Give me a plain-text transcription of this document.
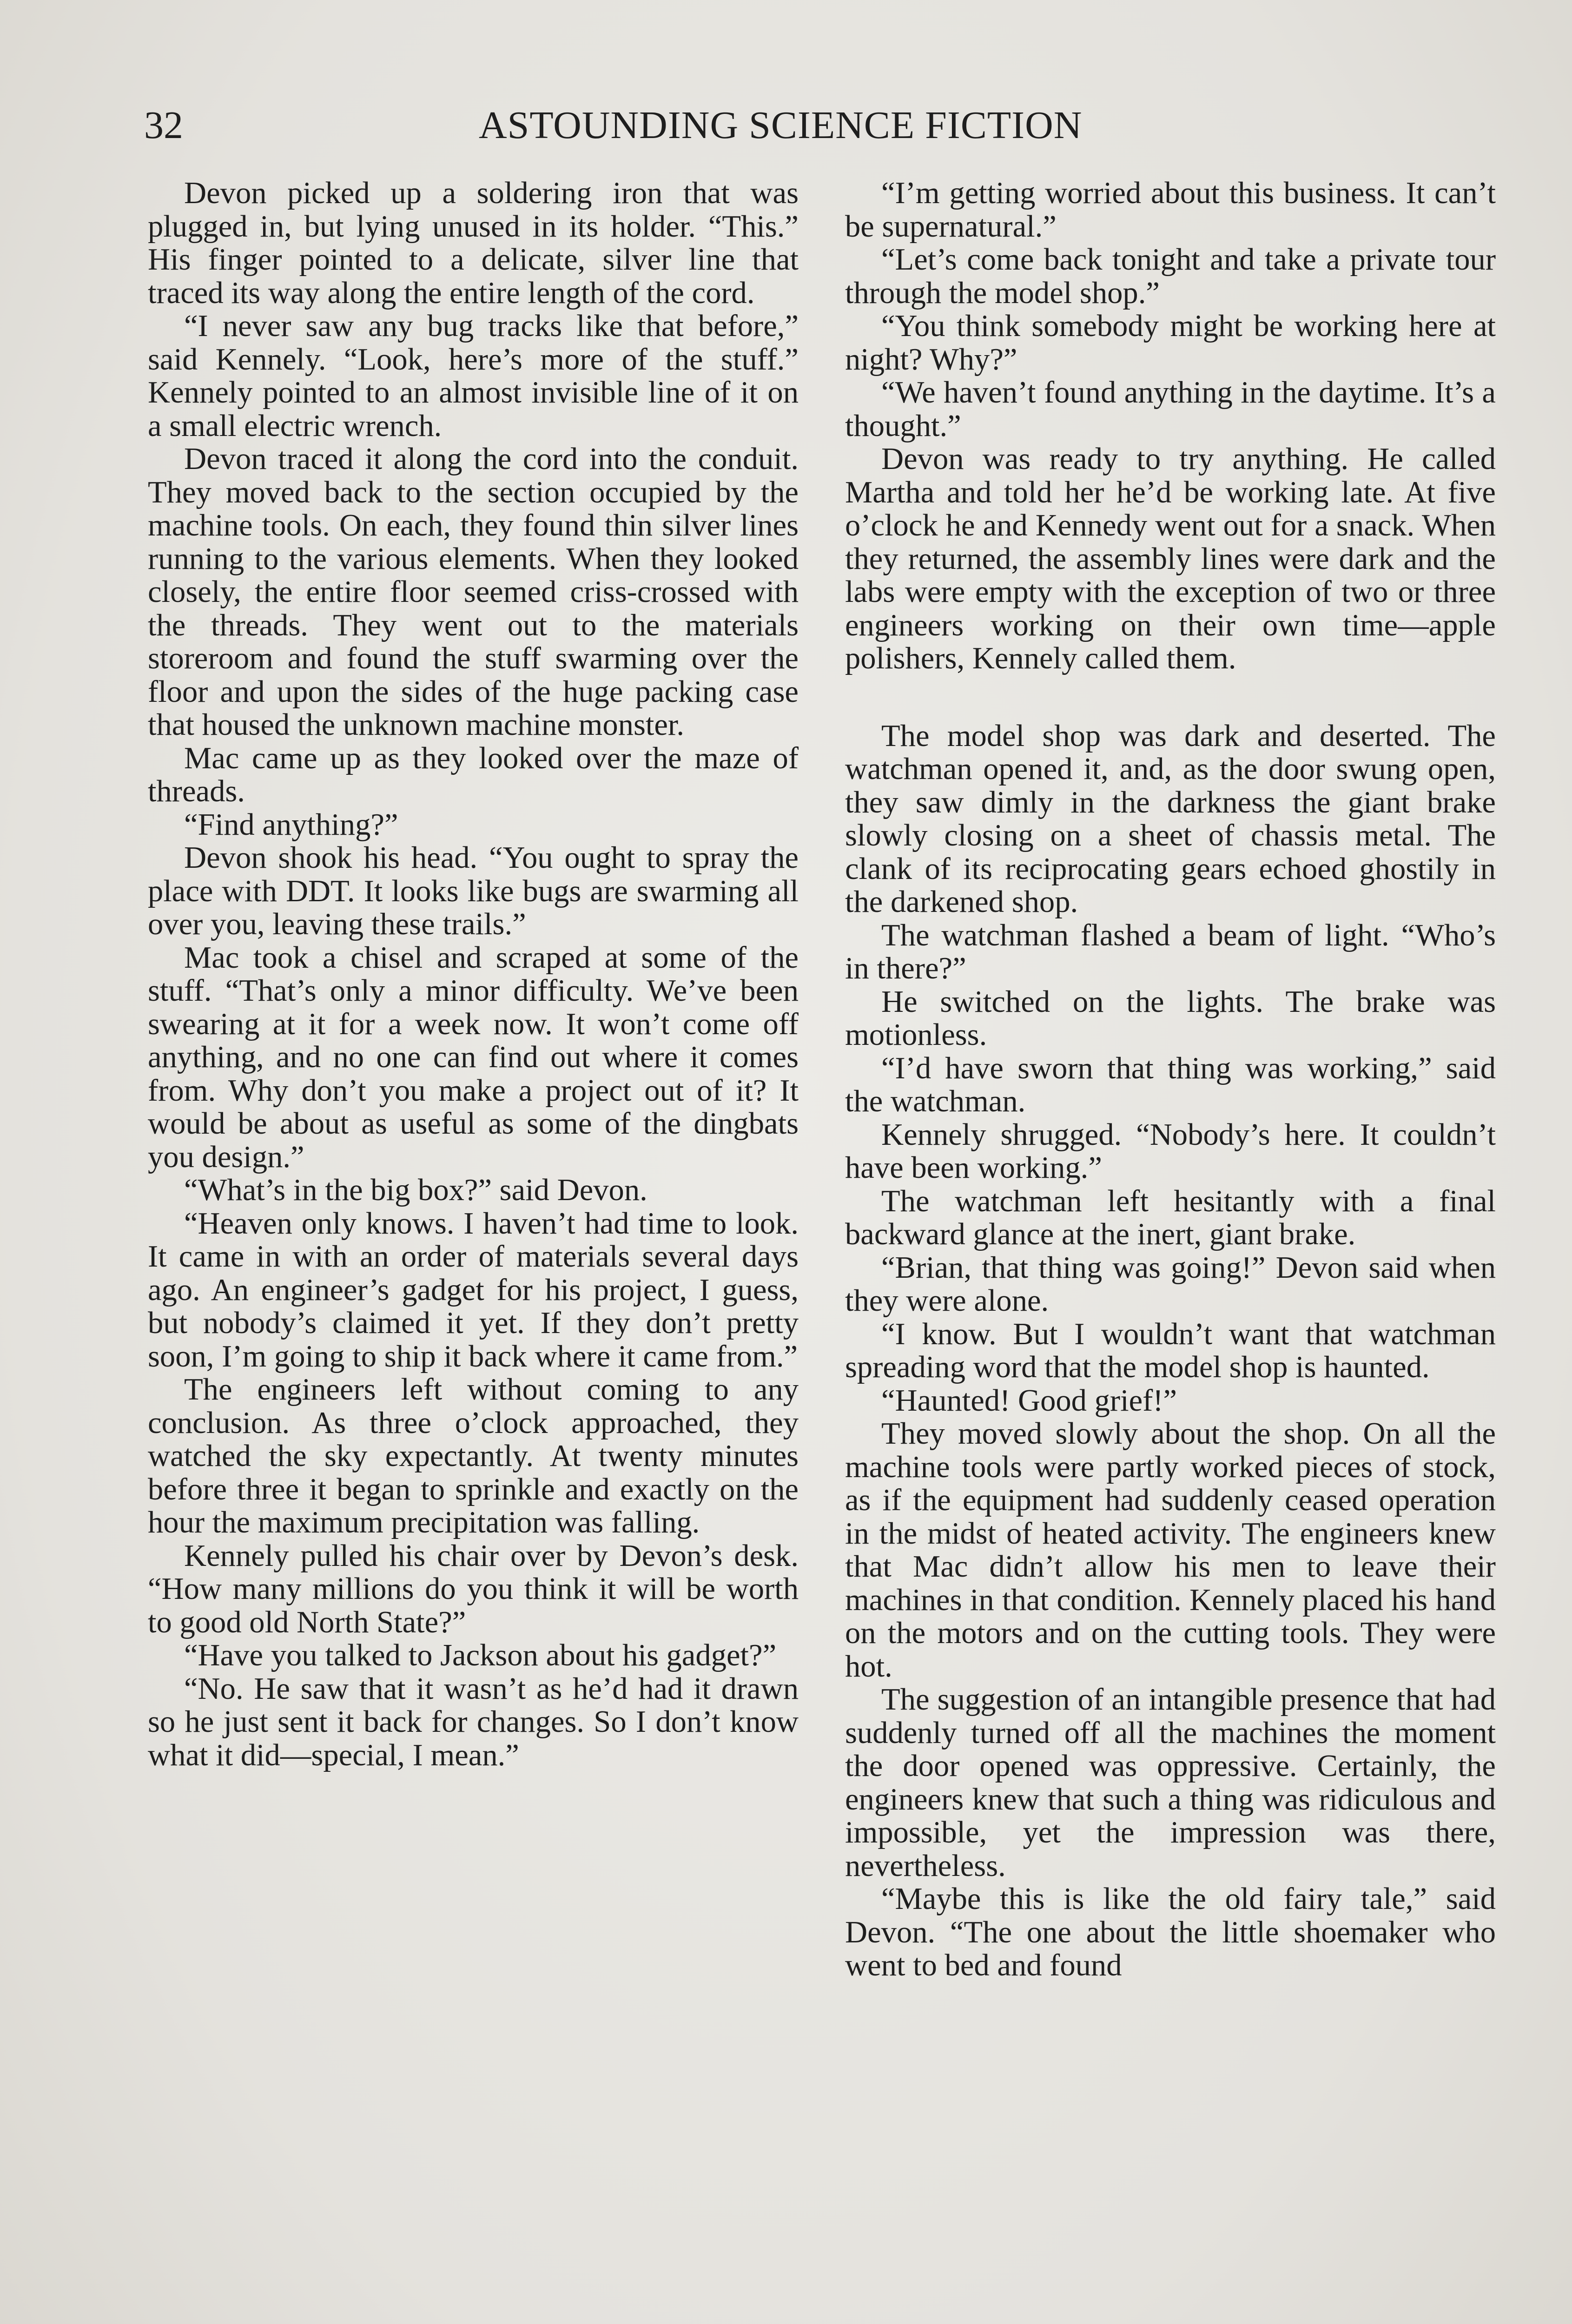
32	ASTOUNDING SCIENCE FICTION

Devon picked up a soldering iron that was plugged in, but lying unused in its holder. “This.” His finger pointed to a delicate, silver line that traced its way along the entire length of the cord.

“I never saw any bug tracks like that before,” said Kennely. “Look, here’s more of the stuff.” Kennely pointed to an almost invisible line of it on a small electric wrench.

Devon traced it along the cord into the conduit. They moved back to the section occupied by the machine tools. On each, they found thin silver lines running to the various elements. When they looked closely, the entire floor seemed criss-crossed with the threads. They went out to the materials storeroom and found the stuff swarming over the floor and upon the sides of the huge packing case that housed the unknown machine monster.

Mac came up as they looked over the maze of threads.

“Find anything?”

Devon shook his head. “You ought to spray the place with DDT. It looks like bugs are swarming all over you, leaving these trails.”

Mac took a chisel and scraped at some of the stuff. “That’s only a minor difficulty. We’ve been swearing at it for a week now. It won’t come off anything, and no one can find out where it comes from. Why don’t you make a project out of it? It would be about as useful as some of the dingbats you design.”

“What’s in the big box?” said Devon.

“Heaven only knows. I haven’t had time to look. It came in with an order of materials several days ago. An engineer’s gadget for his project, I guess, but nobody’s claimed it yet. If they don’t pretty soon, I’m going to ship it back where it came from.”

The engineers left without coming to any conclusion. As three o’clock approached, they watched the sky expectantly. At twenty minutes before three it began to sprinkle and exactly on the hour the maximum precipitation was falling.

Kennely pulled his chair over by Devon’s desk. “How many millions do you think it will be worth to good old North State?”

“Have you talked to Jackson about his gadget?”

“No. He saw that it wasn’t as he’d had it drawn so he just sent it back for changes. So I don’t know what it did—special, I mean.”

“I’m getting worried about this business. It can’t be supernatural.”

“Let’s come back tonight and take a private tour through the model shop.”

“You think somebody might be working here at night? Why?”

“We haven’t found anything in the daytime. It’s a thought.”

Devon was ready to try anything. He called Martha and told her he’d be working late. At five o’clock he and Kennedy went out for a snack. When they returned, the assembly lines were dark and the labs were empty with the exception of two or three engineers working on their own time—apple polishers, Kennely called them.

The model shop was dark and deserted. The watchman opened it, and, as the door swung open, they saw dimly in the darkness the giant brake slowly closing on a sheet of chassis metal. The clank of its reciprocating gears echoed ghostily in the darkened shop.

The watchman flashed a beam of light. “Who’s in there?”

He switched on the lights. The brake was motionless.

“I’d have sworn that thing was working,” said the watchman.

Kennely shrugged. “Nobody’s here. It couldn’t have been working.”

The watchman left hesitantly with a final backward glance at the inert, giant brake.

“Brian, that thing was going!” Devon said when they were alone.

“I know. But I wouldn’t want that watchman spreading word that the model shop is haunted.

“Haunted! Good grief!”

They moved slowly about the shop. On all the machine tools were partly worked pieces of stock, as if the equipment had suddenly ceased operation in the midst of heated activity. The engineers knew that Mac didn’t allow his men to leave their machines in that condition. Kennely placed his hand on the motors and on the cutting tools. They were hot.

The suggestion of an intangible presence that had suddenly turned off all the machines the moment the door opened was oppressive. Certainly, the engineers knew that such a thing was ridiculous and impossible, yet the impression was there, nevertheless.

“Maybe this is like the old fairy tale,” said Devon. “The one about the little shoemaker who went to bed and found
